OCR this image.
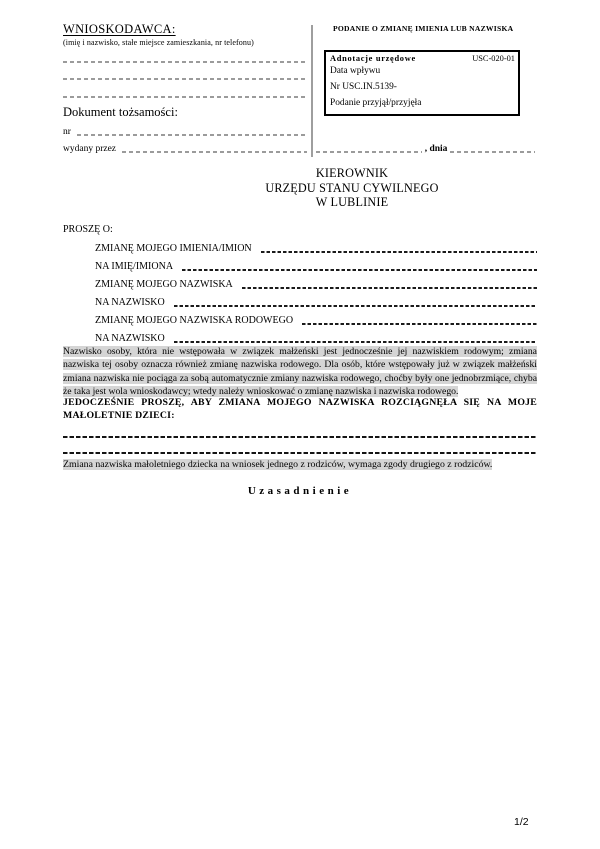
WNIOSKODAWCA:
(imię i nazwisko, stałe miejsce zamieszkania, nr telefonu)
Dokument tożsamości:
nr
wydany przez
PODANIE O ZMIANĘ IMIENIA LUB NAZWISKA
Adnotacje urzędowe	USC-020-01
Data wpływu
Nr USC.IN.5139-
Podanie przyjął/przyjęła
, dnia
KIEROWNIK
URZĘDU STANU CYWILNEGO
W LUBLINIE
PROSZĘ O:
ZMIANĘ MOJEGO IMIENIA/IMION
NA IMIĘ/IMIONA
ZMIANĘ MOJEGO NAZWISKA
NA NAZWISKO
ZMIANĘ MOJEGO NAZWISKA RODOWEGO
NA NAZWISKO
Nazwisko osoby, która nie wstępowała w związek małżeński jest jednocześnie jej nazwiskiem rodowym; zmiana nazwiska tej osoby oznacza również zmianę nazwiska rodowego. Dla osób, które wstępowały już w związek małżeński zmiana nazwiska nie pociąga za sobą automatycznie zmiany nazwiska rodowego, choćby były one jednobrzmiące, chyba że taka jest wola wnioskodawcy; wtedy należy wnioskować o zmianę nazwiska i nazwiska rodowego.
JEDOCZEŚNIE PROSZĘ, ABY ZMIANA MOJEGO NAZWISKA ROZCIĄGNĘŁA SIĘ NA MOJE MAŁOLETNIE DZIECI:
Zmiana nazwiska małoletniego dziecka na wniosek jednego z rodziców, wymaga zgody drugiego z rodziców.
Uzasadnienie
1/2
